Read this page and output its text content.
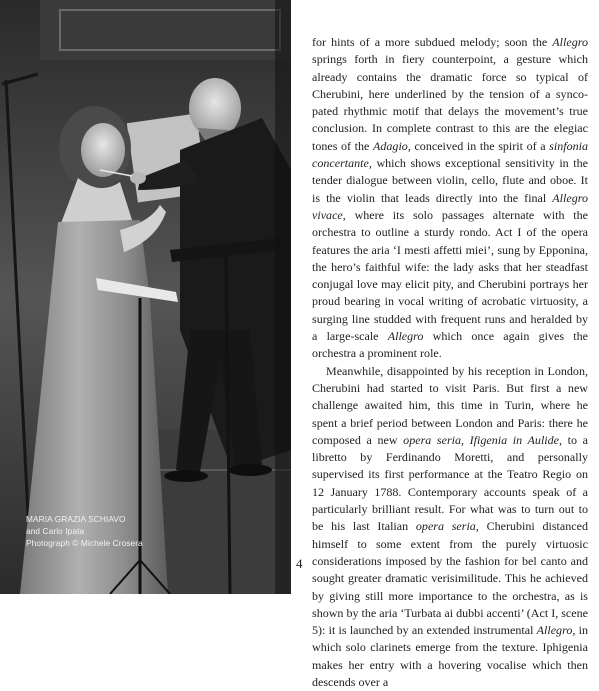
MARIA GRAZIA SCHIAVO
and Carlo Ipata
Photograph © Michele Crosera
4

for hints of a more subdued melody; soon the Allegro springs forth in fiery counterpoint, a gesture which already contains the dramatic force so typical of Cherubini, here underlined by the tension of a syncopated rhythmic motif that delays the movement’s true conclusion. In complete contrast to this are the elegiac tones of the Adagio, conceived in the spirit of a sinfonia concertante, which shows exceptional sensitivity in the tender dialogue between violin, cello, flute and oboe. It is the violin that leads directly into the final Allegro vivace, where its solo passages alternate with the orchestra to outline a sturdy rondo. Act I of the opera features the aria ‘I mesti affetti miei’, sung by Epponina, the hero’s faithful wife: the lady asks that her steadfast conjugal love may elicit pity, and Cherubini portrays her proud bearing in vocal writing of acrobatic virtuosity, a surging line studded with frequent runs and heralded by a large-scale Allegro which once again gives the orchestra a prominent role.

Meanwhile, disappointed by his reception in London, Cherubini had started to visit Paris. But first a new challenge awaited him, this time in Turin, where he spent a brief period between London and Paris: there he composed a new opera seria, Ifigenia in Aulide, to a libretto by Ferdinando Moretti, and personally supervised its first performance at the Teatro Regio on 12 January 1788. Contemporary accounts speak of a particularly brilliant result. For what was to turn out to be his last Italian opera seria, Cherubini distanced himself to some extent from the purely virtuosic considerations imposed by the fashion for bel canto and sought greater dramatic verisimilitude. This he achieved by giving still more importance to the orchestra, as is shown by the aria ‘Turbata ai dubbi accenti’ (Act I, scene 5): it is launched by an extended instrumental Allegro, in which solo clarinets emerge from the texture. Iphigenia makes her entry with a hovering vocalise which then descends over a
